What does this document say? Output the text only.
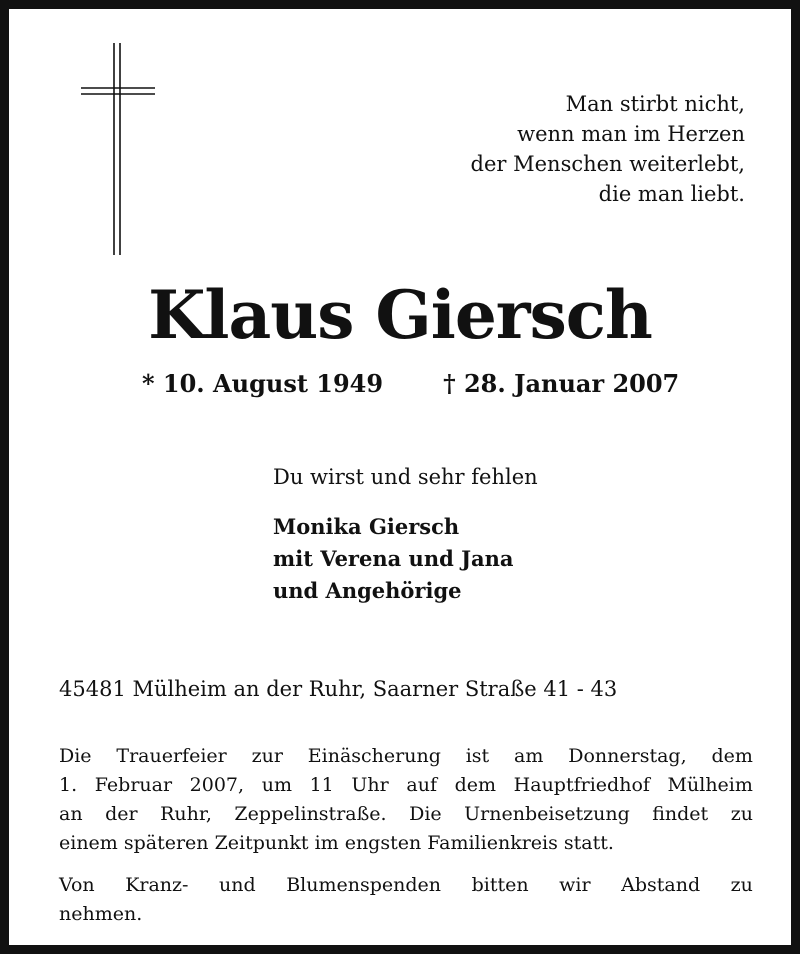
Man stirbt nicht,
wenn man im Herzen
der Menschen weiterlebt,
die man liebt.
Klaus Giersch
* 10. August 1949	† 28. Januar 2007
Du wirst und sehr fehlen
Monika Giersch
mit Verena und Jana
und Angehörige
45481 Mülheim an der Ruhr, Saarner Straße 41 - 43
Die Trauerfeier zur Einäscherung ist am Donnerstag, dem
1. Februar 2007, um 11 Uhr auf dem Hauptfriedhof Mülheim
an der Ruhr, Zeppelinstraße. Die Urnenbeisetzung findet zu
einem späteren Zeitpunkt im engsten Familienkreis statt.
Von Kranz- und Blumenspenden bitten wir Abstand zu
nehmen.
